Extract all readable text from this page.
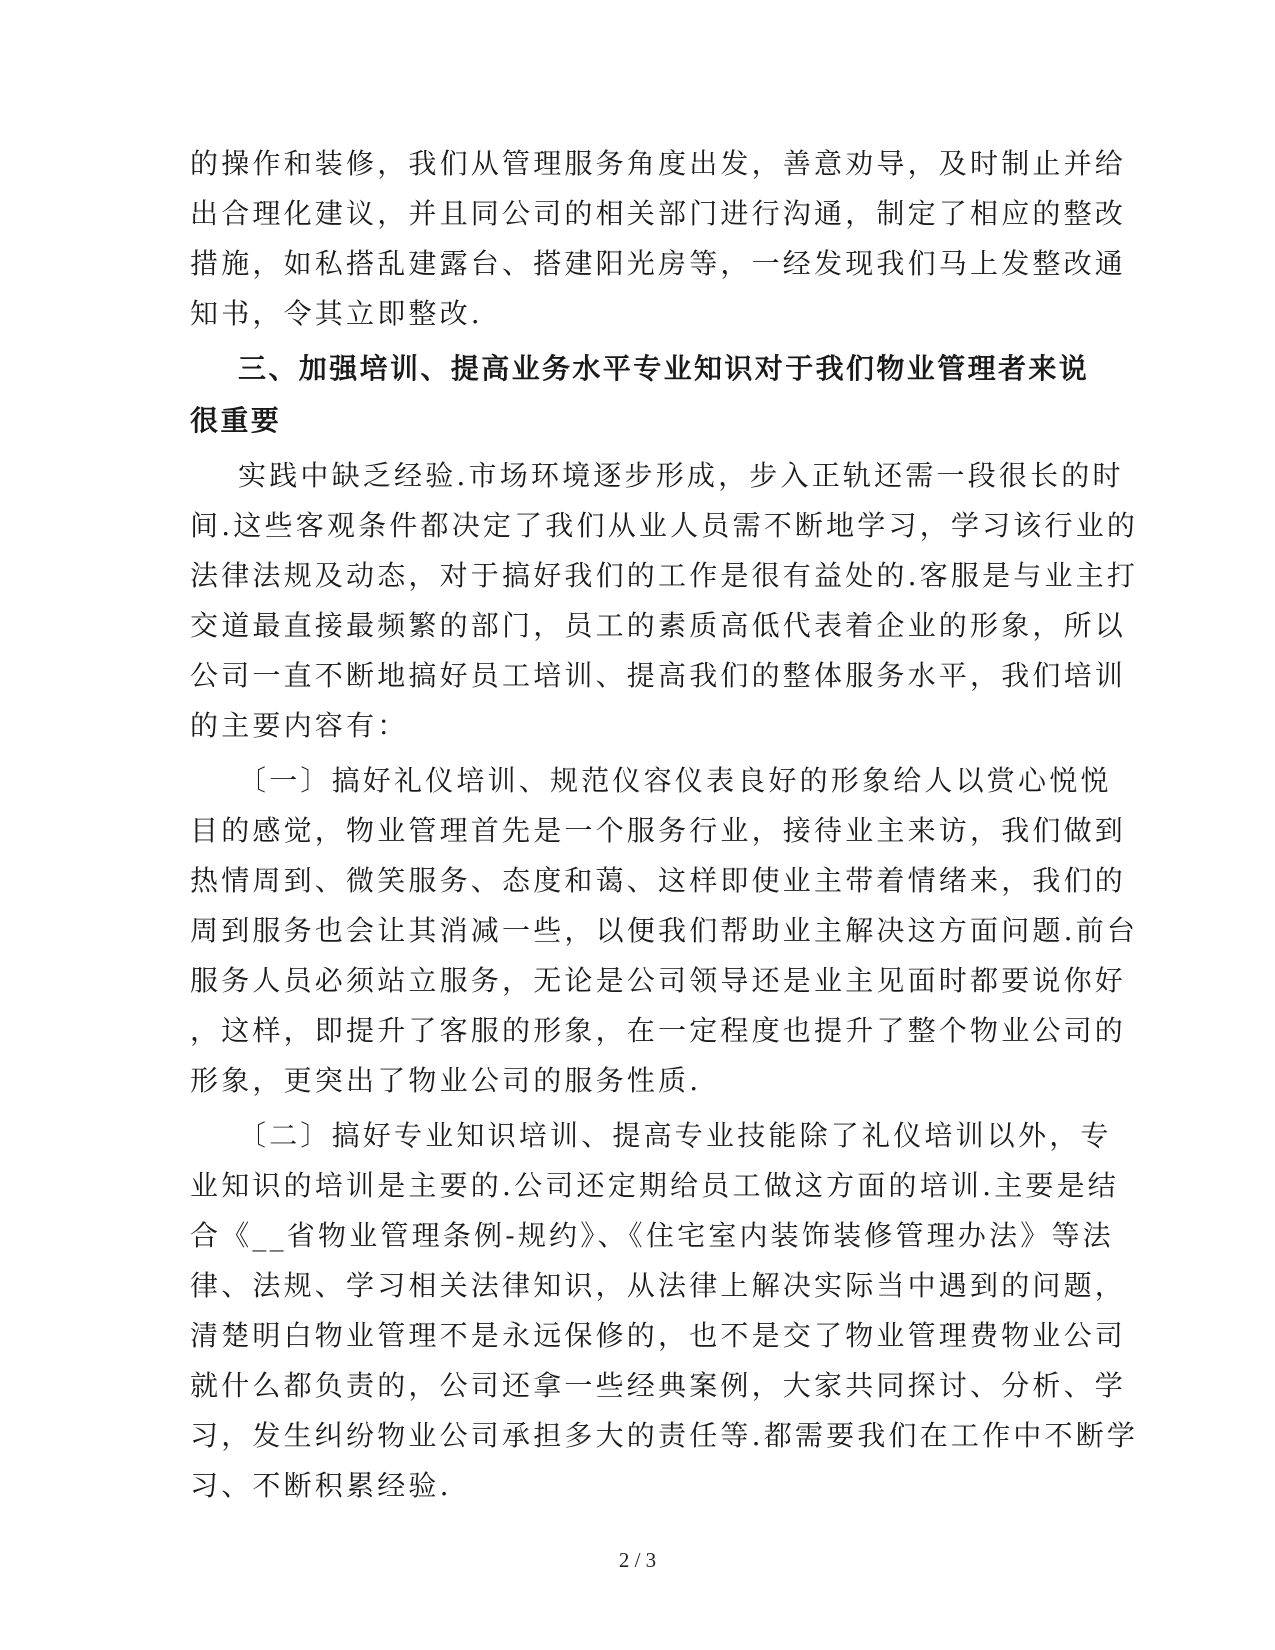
的操作和装修，我们从管理服务角度出发，善意劝导，及时制止并给
出合理化建议，并且同公司的相关部门进行沟通，制定了相应的整改
措施，如私搭乱建露台、搭建阳光房等，一经发现我们马上发整改通
知书，令其立即整改.
三、加强培训、提高业务水平专业知识对于我们物业管理者来说
很重要
实践中缺乏经验.市场环境逐步形成，步入正轨还需一段很长的时
间.这些客观条件都决定了我们从业人员需不断地学习，学习该行业的
法律法规及动态，对于搞好我们的工作是很有益处的.客服是与业主打
交道最直接最频繁的部门，员工的素质高低代表着企业的形象，所以
公司一直不断地搞好员工培训、提高我们的整体服务水平，我们培训
的主要内容有：
〔一〕搞好礼仪培训、规范仪容仪表良好的形象给人以赏心悦悦
目的感觉，物业管理首先是一个服务行业，接待业主来访，我们做到
热情周到、微笑服务、态度和蔼、这样即使业主带着情绪来，我们的
周到服务也会让其消减一些，以便我们帮助业主解决这方面问题.前台
服务人员必须站立服务，无论是公司领导还是业主见面时都要说你好
，这样，即提升了客服的形象，在一定程度也提升了整个物业公司的
形象，更突出了物业公司的服务性质.
〔二〕搞好专业知识培训、提高专业技能除了礼仪培训以外，专
业知识的培训是主要的.公司还定期给员工做这方面的培训.主要是结
合《__省物业管理条例-规约》、《住宅室内装饰装修管理办法》等法
律、法规、学习相关法律知识，从法律上解决实际当中遇到的问题，
清楚明白物业管理不是永远保修的，也不是交了物业管理费物业公司
就什么都负责的，公司还拿一些经典案例，大家共同探讨、分析、学
习，发生纠纷物业公司承担多大的责任等.都需要我们在工作中不断学
习、不断积累经验.
2 / 3
